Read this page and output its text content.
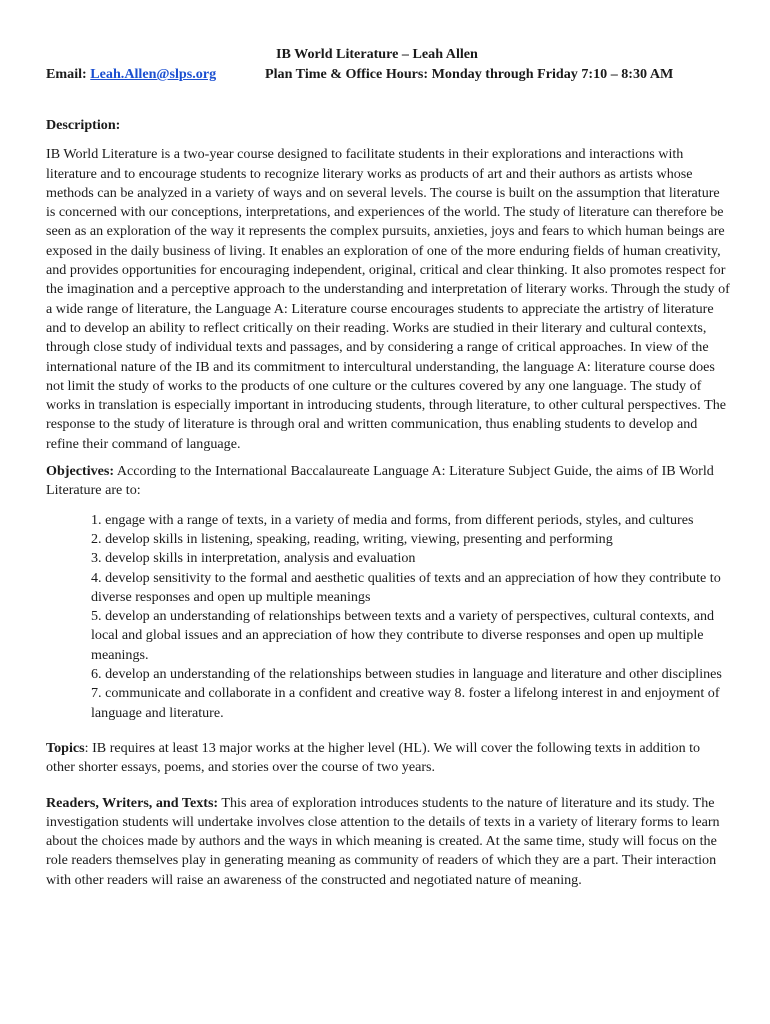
IB World Literature – Leah Allen
Email: Leah.Allen@slps.org	Plan Time & Office Hours: Monday through Friday 7:10 – 8:30 AM

Description:

IB World Literature is a two-year course designed to facilitate students in their explorations and interactions with literature and to encourage students to recognize literary works as products of art and their authors as artists whose methods can be analyzed in a variety of ways and on several levels. The course is built on the assumption that literature is concerned with our conceptions, interpretations, and experiences of the world. The study of literature can therefore be seen as an exploration of the way it represents the complex pursuits, anxieties, joys and fears to which human beings are exposed in the daily business of living. It enables an exploration of one of the more enduring fields of human creativity, and provides opportunities for encouraging independent, original, critical and clear thinking. It also promotes respect for the imagination and a perceptive approach to the understanding and interpretation of literary works. Through the study of a wide range of literature, the Language A: Literature course encourages students to appreciate the artistry of literature and to develop an ability to reflect critically on their reading. Works are studied in their literary and cultural contexts, through close study of individual texts and passages, and by considering a range of critical approaches. In view of the international nature of the IB and its commitment to intercultural understanding, the language A: literature course does not limit the study of works to the products of one culture or the cultures covered by any one language. The study of works in translation is especially important in introducing students, through literature, to other cultural perspectives. The response to the study of literature is through oral and written communication, thus enabling students to develop and refine their command of language.

Objectives: According to the International Baccalaureate Language A: Literature Subject Guide, the aims of IB World Literature are to:

1. engage with a range of texts, in a variety of media and forms, from different periods, styles, and cultures
2. develop skills in listening, speaking, reading, writing, viewing, presenting and performing
3. develop skills in interpretation, analysis and evaluation
4. develop sensitivity to the formal and aesthetic qualities of texts and an appreciation of how they contribute to diverse responses and open up multiple meanings
5. develop an understanding of relationships between texts and a variety of perspectives, cultural contexts, and local and global issues and an appreciation of how they contribute to diverse responses and open up multiple meanings.
6. develop an understanding of the relationships between studies in language and literature and other disciplines
7. communicate and collaborate in a confident and creative way 8. foster a lifelong interest in and enjoyment of language and literature.

Topics: IB requires at least 13 major works at the higher level (HL). We will cover the following texts in addition to other shorter essays, poems, and stories over the course of two years.

Readers, Writers, and Texts: This area of exploration introduces students to the nature of literature and its study. The investigation students will undertake involves close attention to the details of texts in a variety of literary forms to learn about the choices made by authors and the ways in which meaning is created. At the same time, study will focus on the role readers themselves play in generating meaning as community of readers of which they are a part. Their interaction with other readers will raise an awareness of the constructed and negotiated nature of meaning.
